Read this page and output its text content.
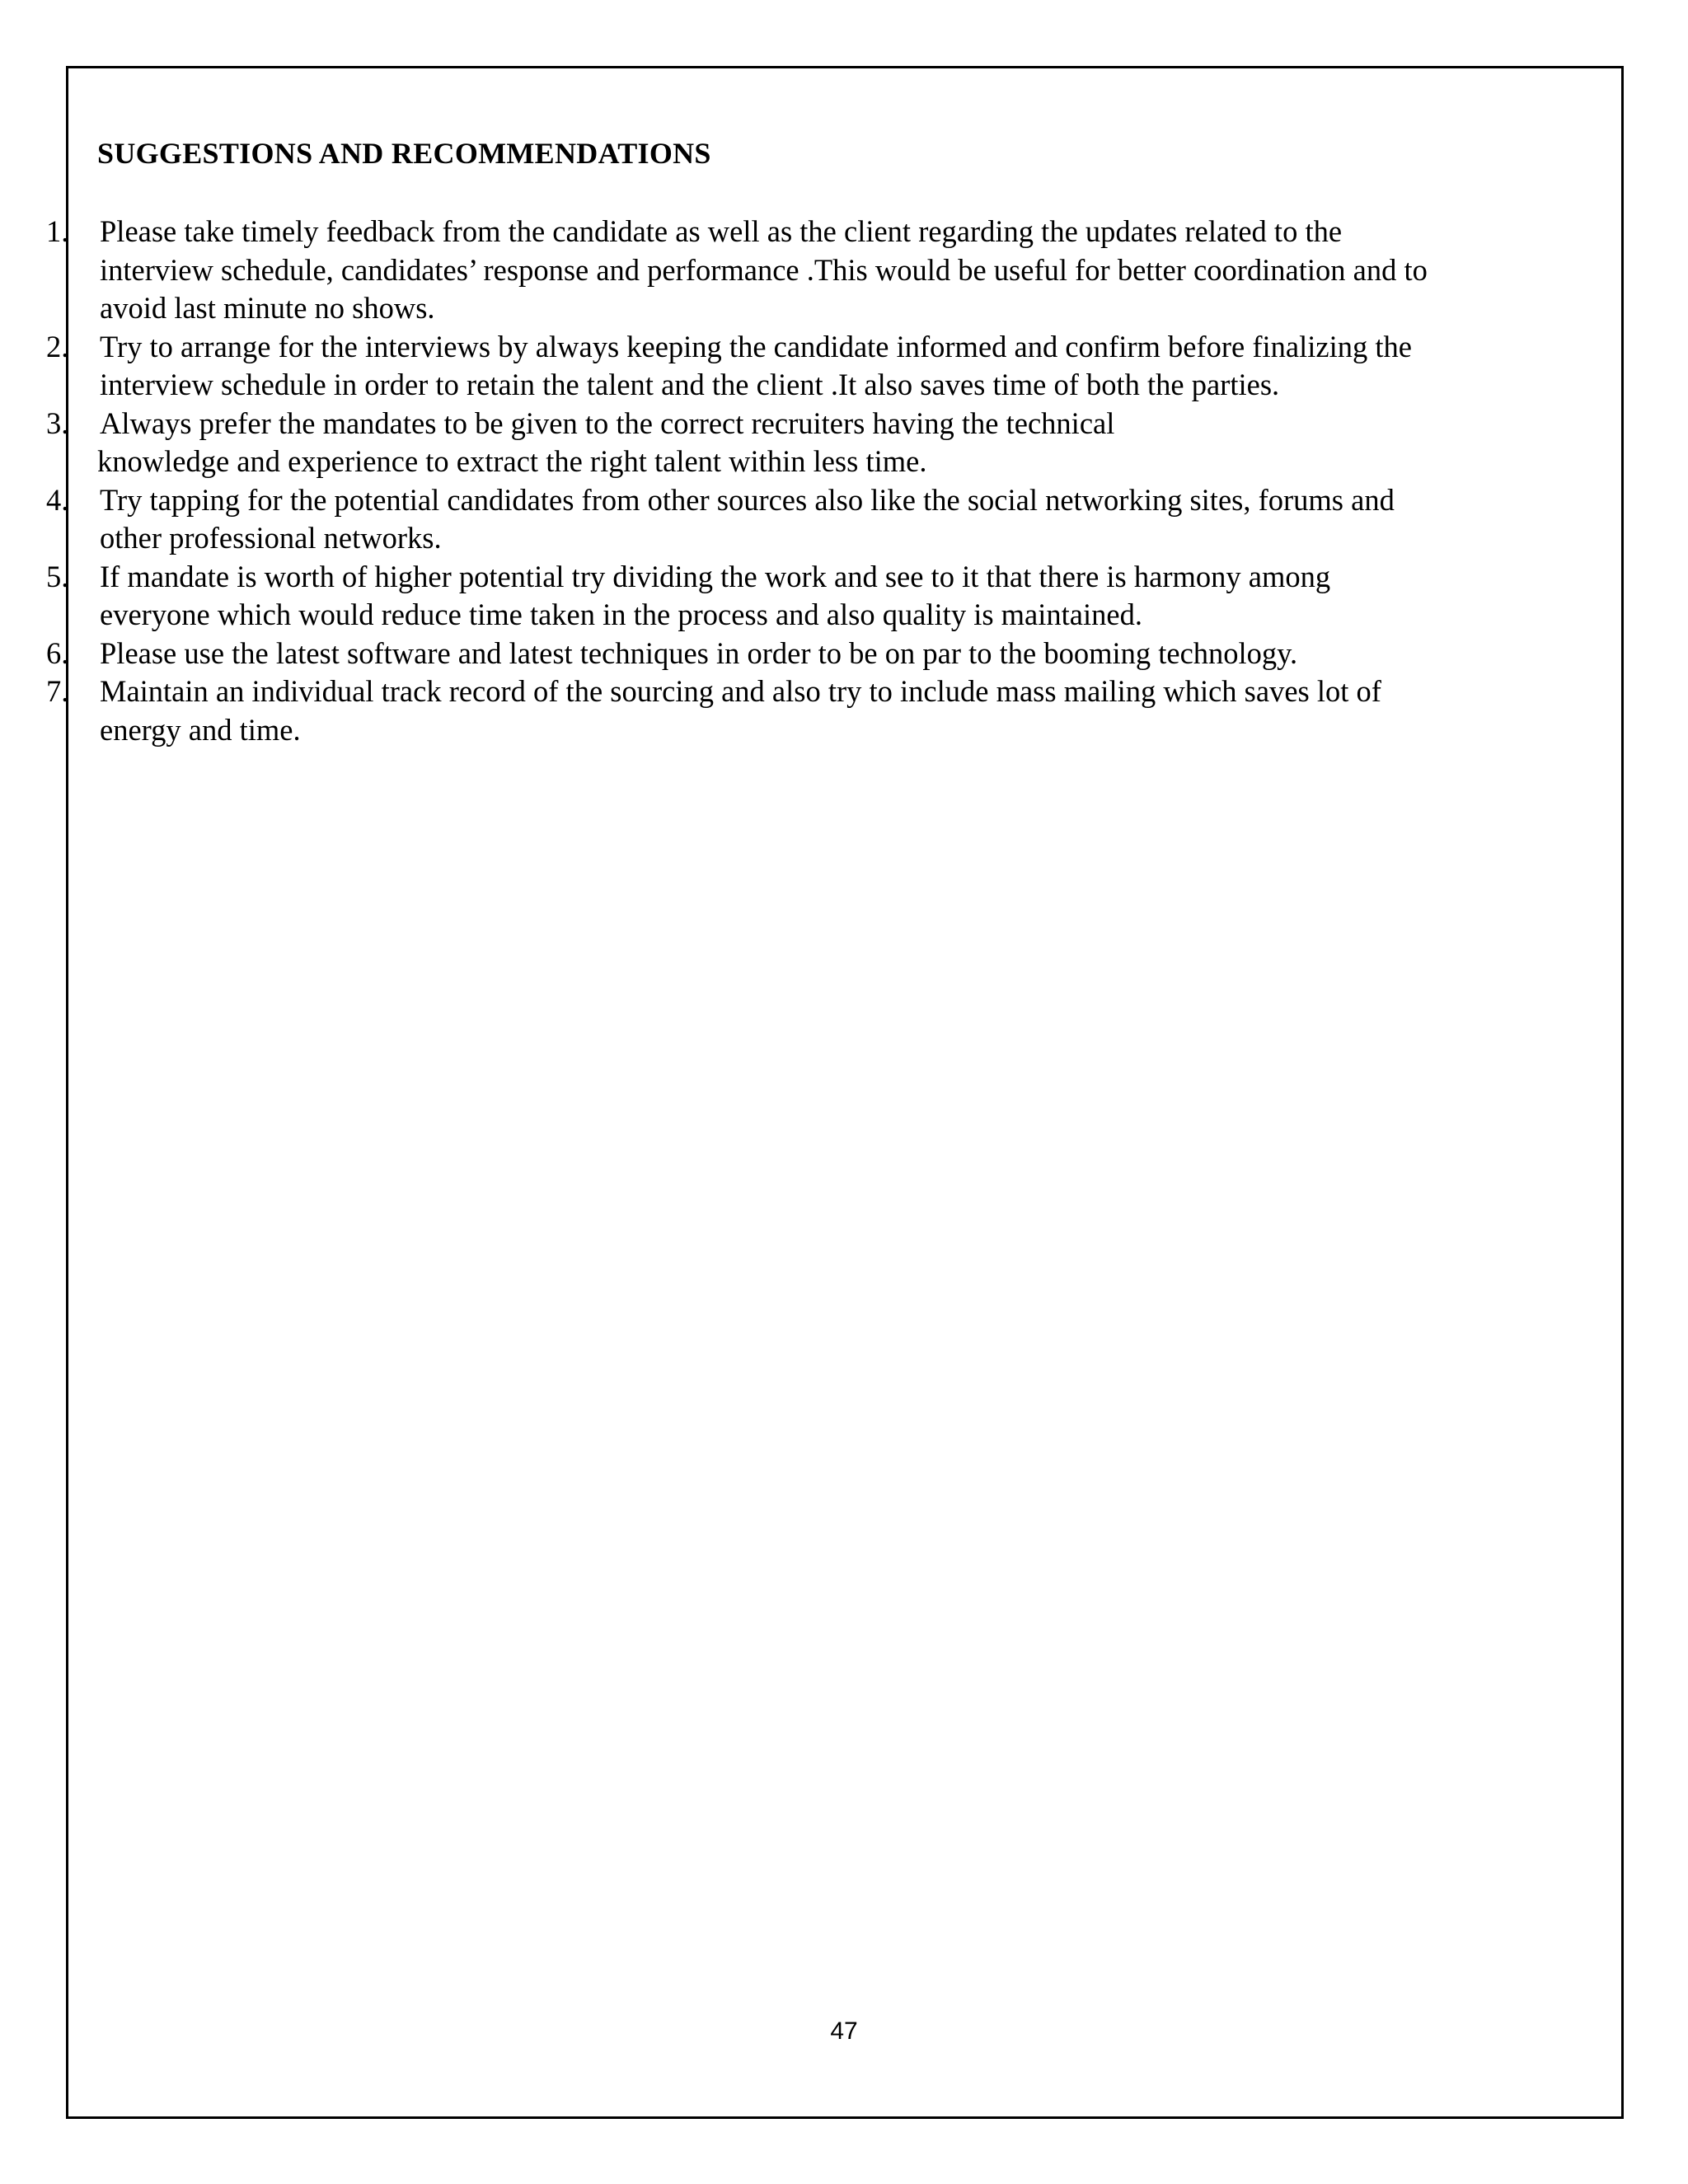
SUGGESTIONS AND RECOMMENDATIONS
1. Please take timely feedback from the candidate as well as the client regarding the updates related to the
interview schedule, candidates’ response and performance .This would be useful for better coordination and to
avoid last minute no shows.
2. Try to arrange for the interviews by always keeping the candidate informed and confirm before finalizing the
interview schedule in order to retain the talent and the client .It also saves time of both the parties.
3. Always prefer the mandates to be given to the correct recruiters having the technical
knowledge and experience to extract the right talent within less time.
4. Try tapping for the potential candidates from other sources also like the social networking sites, forums and
other professional networks.
5. If mandate is worth of higher potential try dividing the work and see to it that there is harmony among
everyone which would reduce time taken in the process and also quality is maintained.
6. Please use the latest software and latest techniques in order to be on par to the booming technology.
7. Maintain an individual track record of the sourcing and also try to include mass mailing which saves lot of
energy and time.
47
